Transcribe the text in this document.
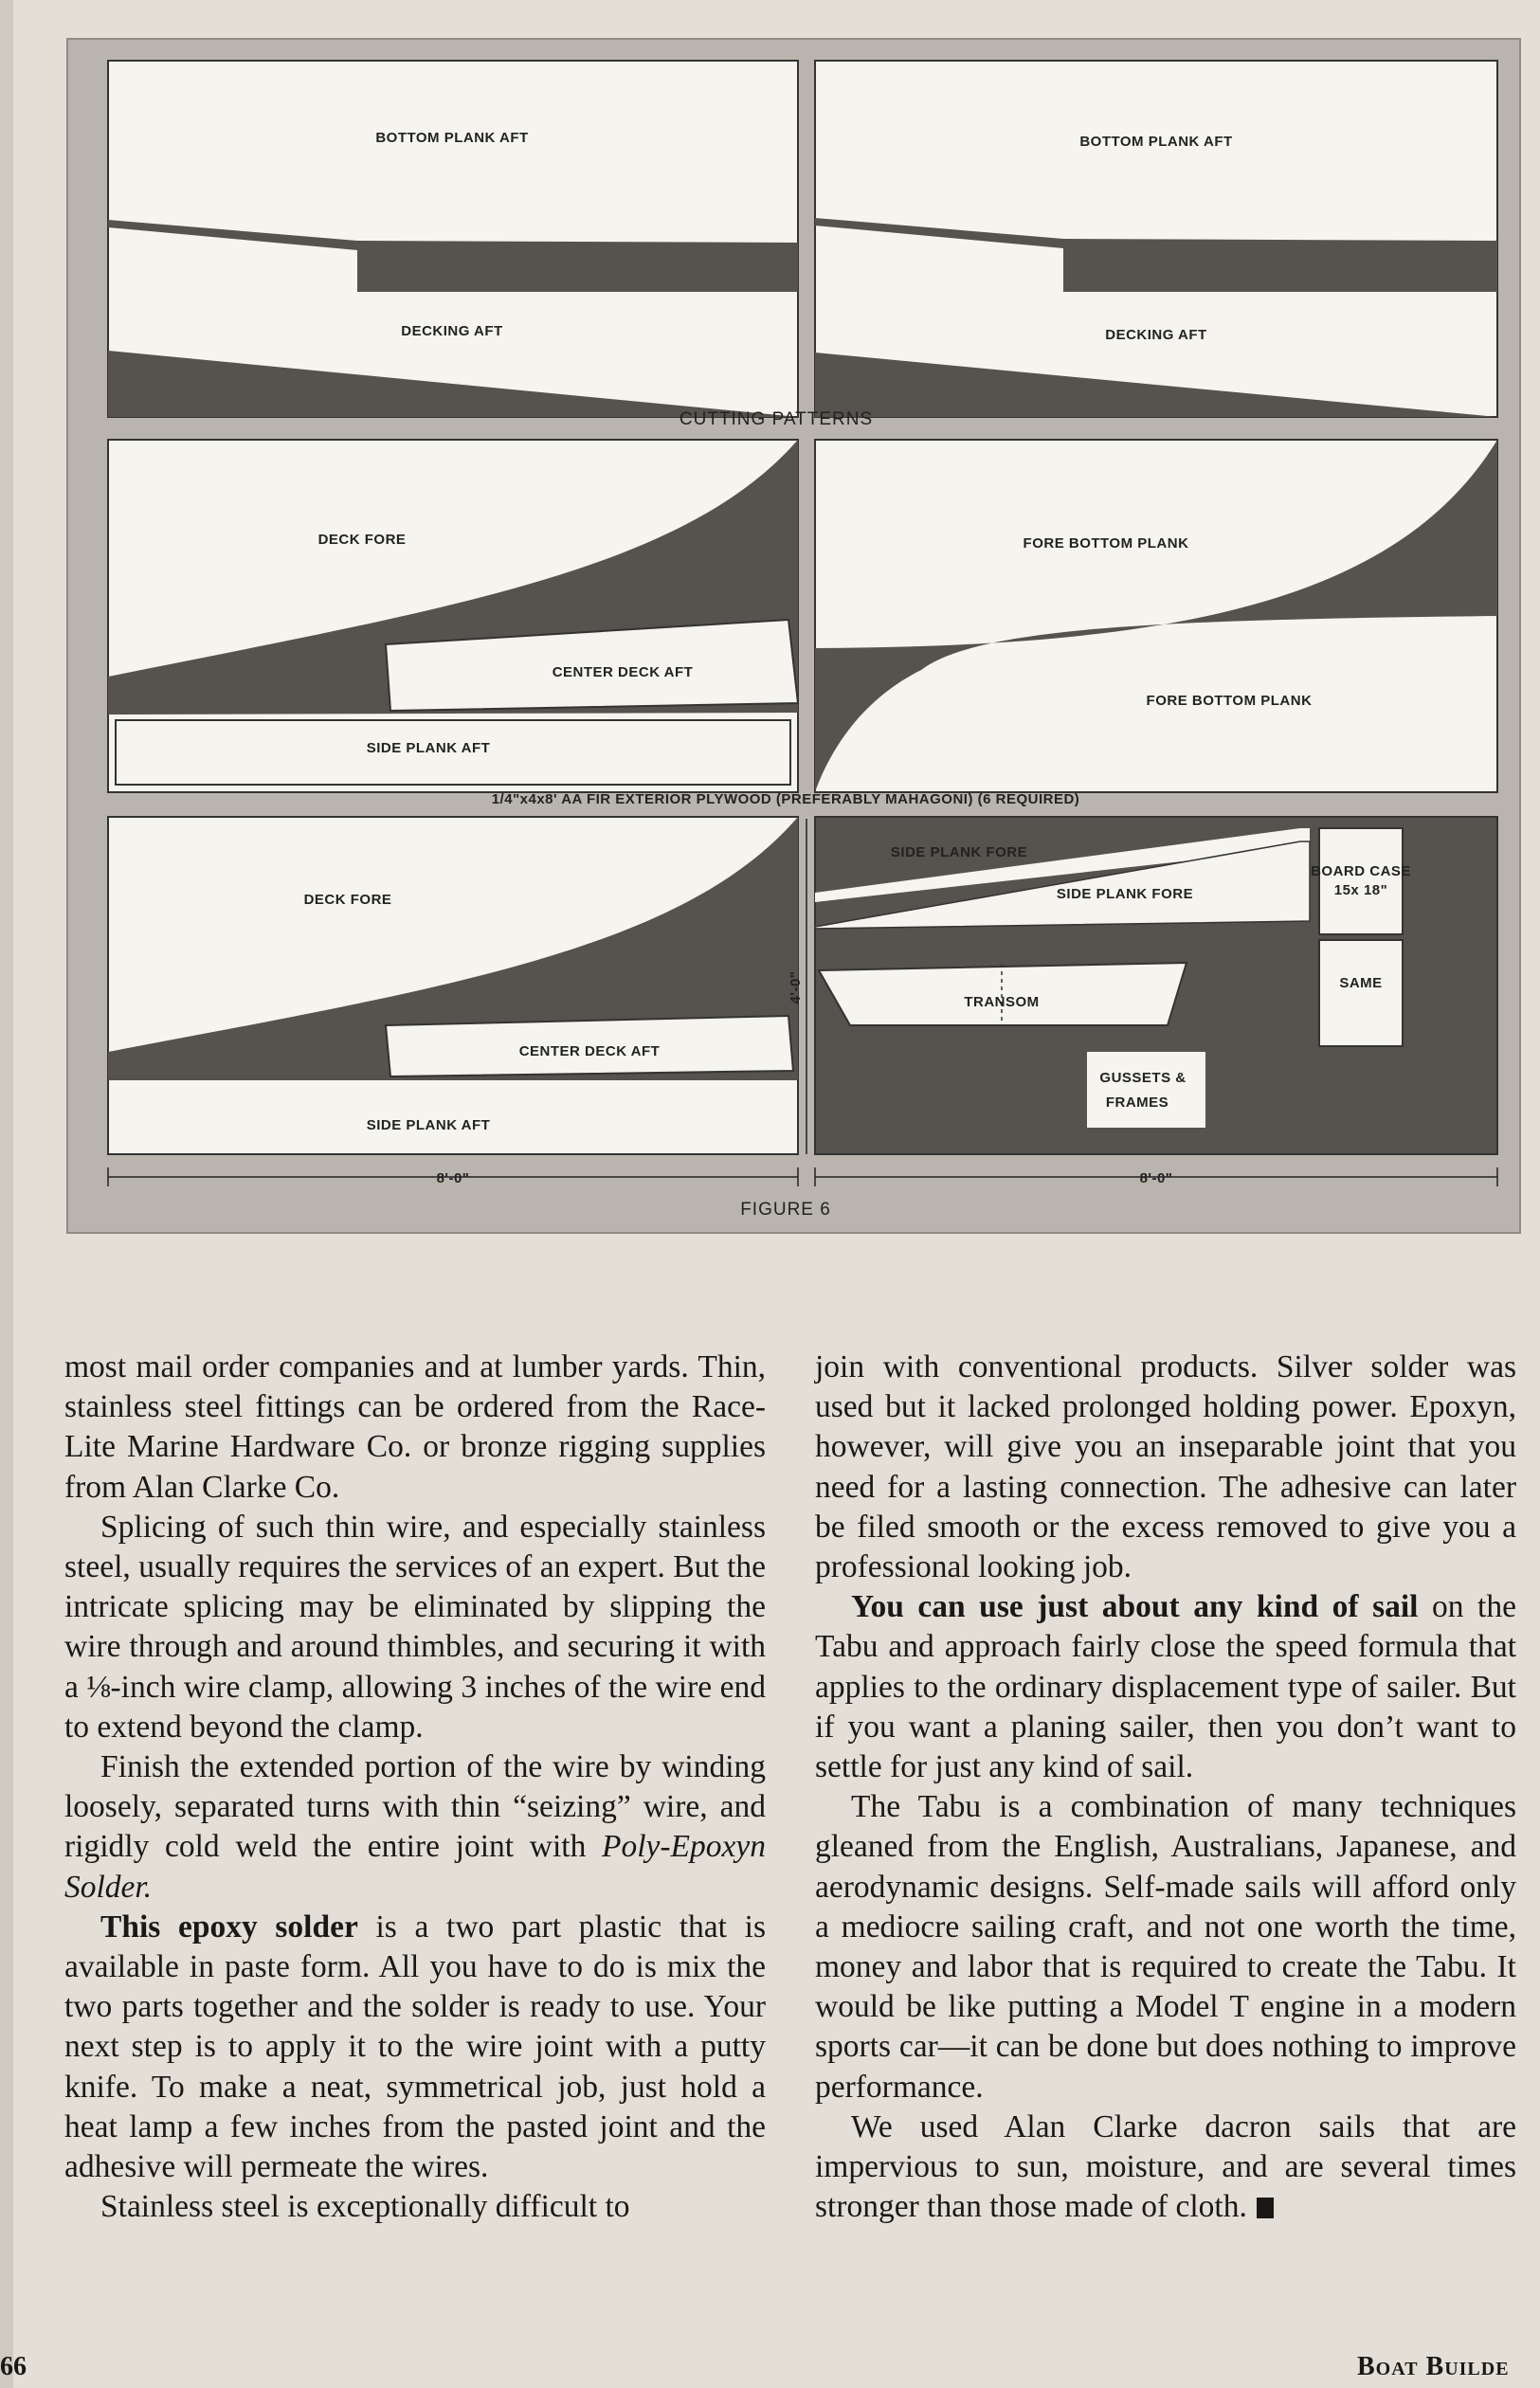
BOTTOM PLANK AFT
DECKING AFT
BOTTOM PLANK AFT
DECKING AFT
CUTTING PATTERNS
DECK FORE
CENTER DECK AFT
SIDE PLANK AFT
FORE BOTTOM PLANK
FORE BOTTOM PLANK
1/4"x4x8' AA FIR EXTERIOR PLYWOOD (PREFERABLY MAHAGONI) (6 REQUIRED)
DECK FORE
CENTER DECK AFT
SIDE PLANK AFT
8'-0"	8'-0"
4'-0"
SIDE PLANK FORE
SIDE PLANK FORE
BOARD CASE
15x 18"
SAME
TRANSOM
GUSSETS &
FRAMES
FIGURE 6

most mail order companies and at lumber yards. Thin, stainless steel fittings can be ordered from the Race-Lite Marine Hardware Co. or bronze rigging supplies from Alan Clarke Co.

Splicing of such thin wire, and especially stainless steel, usually requires the services of an expert. But the intricate splicing may be eliminated by slipping the wire through and around thimbles, and securing it with a ⅛-inch wire clamp, allowing 3 inches of the wire end to extend beyond the clamp.

Finish the extended portion of the wire by winding loosely, separated turns with thin “seizing” wire, and rigidly cold weld the entire joint with Poly-Epoxyn Solder.

This epoxy solder is a two part plastic that is available in paste form. All you have to do is mix the two parts together and the solder is ready to use. Your next step is to apply it to the wire joint with a putty knife. To make a neat, symmetrical job, just hold a heat lamp a few inches from the pasted joint and the adhesive will permeate the wires.

Stainless steel is exceptionally difficult to

join with conventional products. Silver solder was used but it lacked prolonged holding power. Epoxyn, however, will give you an inseparable joint that you need for a lasting connection. The adhesive can later be filed smooth or the excess removed to give you a professional looking job.

You can use just about any kind of sail on the Tabu and approach fairly close the speed formula that applies to the ordinary displacement type of sailer. But if you want a planing sailer, then you don’t want to settle for just any kind of sail.

The Tabu is a combination of many techniques gleaned from the English, Australians, Japanese, and aerodynamic designs. Self-made sails will afford only a mediocre sailing craft, and not one worth the time, money and labor that is required to create the Tabu. It would be like putting a Model T engine in a modern sports car—it can be done but does nothing to improve performance.

We used Alan Clarke dacron sails that are impervious to sun, moisture, and are several times stronger than those made of cloth.

66	Boat Builde
